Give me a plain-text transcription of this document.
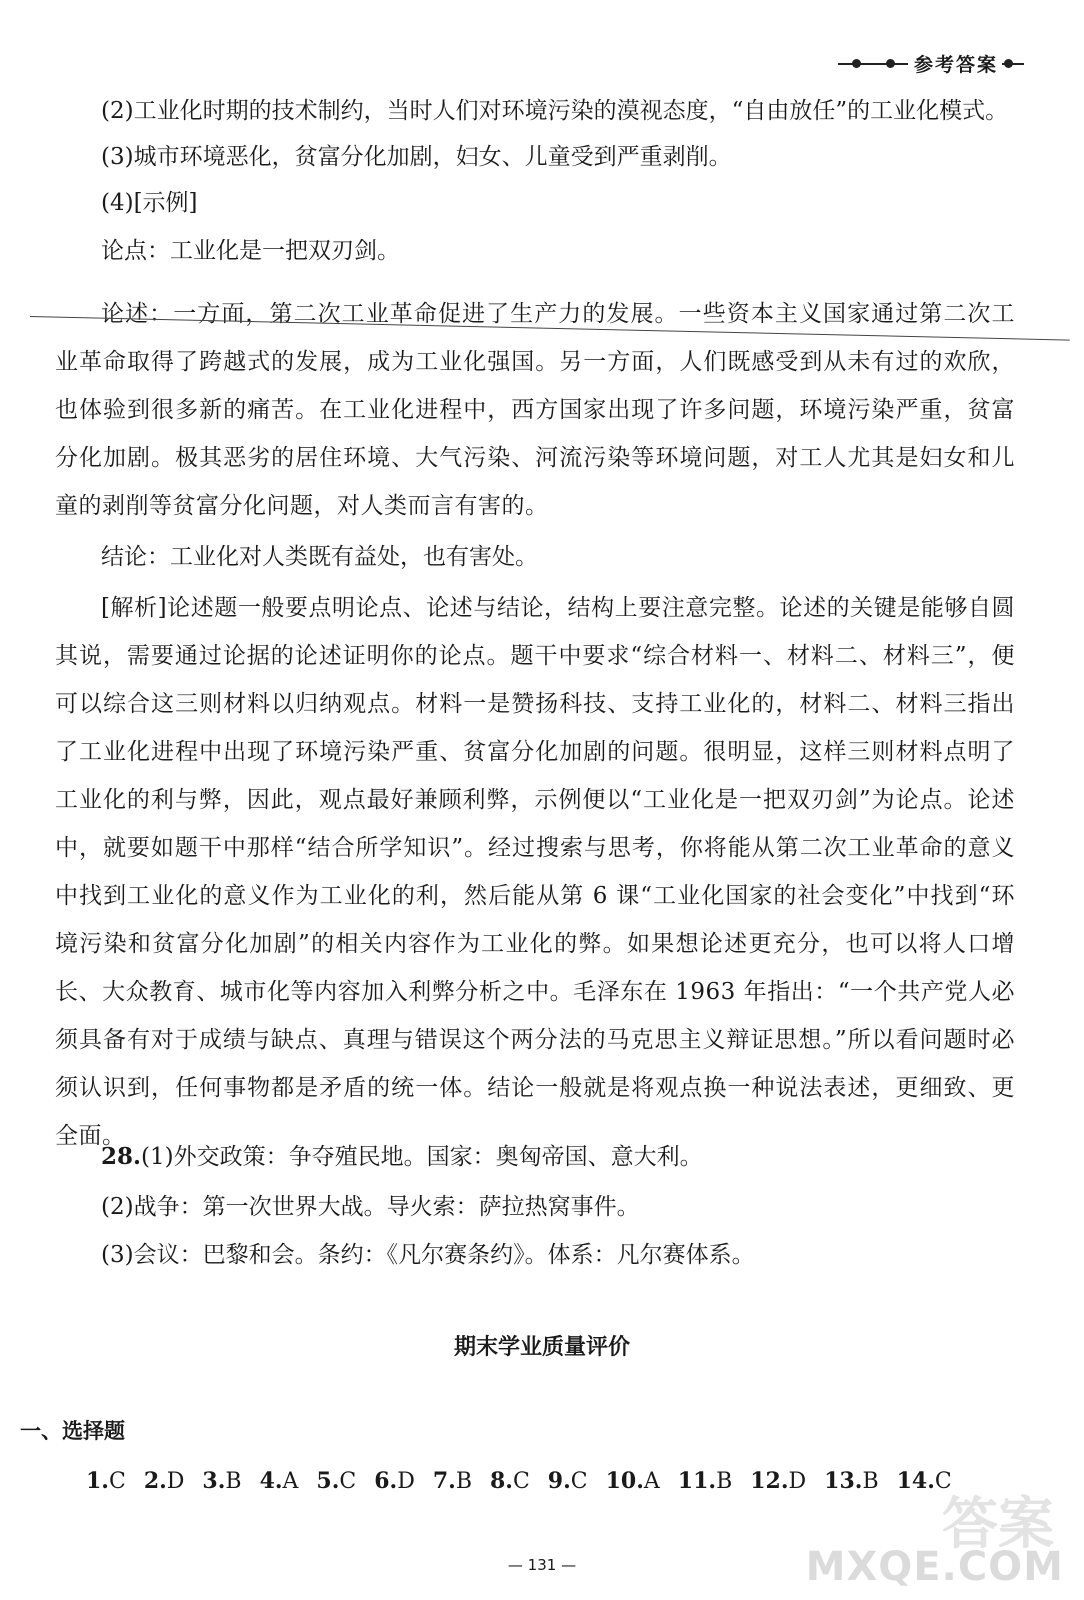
参考答案

(2)工业化时期的技术制约，当时人们对环境污染的漠视态度，“自由放任”的工业化模式。

(3)城市环境恶化，贫富分化加剧，妇女、儿童受到严重剥削。

(4)[示例]

论点：工业化是一把双刃剑。

论述：一方面，第二次工业革命促进了生产力的发展。一些资本主义国家通过第二次工业革命取得了跨越式的发展，成为工业化强国。另一方面，人们既感受到从未有过的欢欣，也体验到很多新的痛苦。在工业化进程中，西方国家出现了许多问题，环境污染严重，贫富分化加剧。极其恶劣的居住环境、大气污染、河流污染等环境问题，对工人尤其是妇女和儿童的剥削等贫富分化问题，对人类而言有害的。

结论：工业化对人类既有益处，也有害处。

[解析]论述题一般要点明论点、论述与结论，结构上要注意完整。论述的关键是能够自圆其说，需要通过论据的论述证明你的论点。题干中要求“综合材料一、材料二、材料三”，便可以综合这三则材料以归纳观点。材料一是赞扬科技、支持工业化的，材料二、材料三指出了工业化进程中出现了环境污染严重、贫富分化加剧的问题。很明显，这样三则材料点明了工业化的利与弊，因此，观点最好兼顾利弊，示例便以“工业化是一把双刃剑”为论点。论述中，就要如题干中那样“结合所学知识”。经过搜索与思考，你将能从第二次工业革命的意义中找到工业化的意义作为工业化的利，然后能从第 6 课“工业化国家的社会变化”中找到“环境污染和贫富分化加剧”的相关内容作为工业化的弊。如果想论述更充分，也可以将人口增长、大众教育、城市化等内容加入利弊分析之中。毛泽东在 1963 年指出：“一个共产党人必须具备有对于成绩与缺点、真理与错误这个两分法的马克思主义辩证思想。”所以看问题时必须认识到，任何事物都是矛盾的统一体。结论一般就是将观点换一种说法表述，更细致、更全面。

28.(1)外交政策：争夺殖民地。国家：奥匈帝国、意大利。

(2)战争：第一次世界大战。导火索：萨拉热窝事件。

(3)会议：巴黎和会。条约：《凡尔赛条约》。体系：凡尔赛体系。

期末学业质量评价
一、选择题
1.C 2.D 3.B 4.A 5.C 6.D 7.B 8.C 9.C 10.A 11.B 12.D 13.B 14.C
— 131 —
答案
MXQE.COM
